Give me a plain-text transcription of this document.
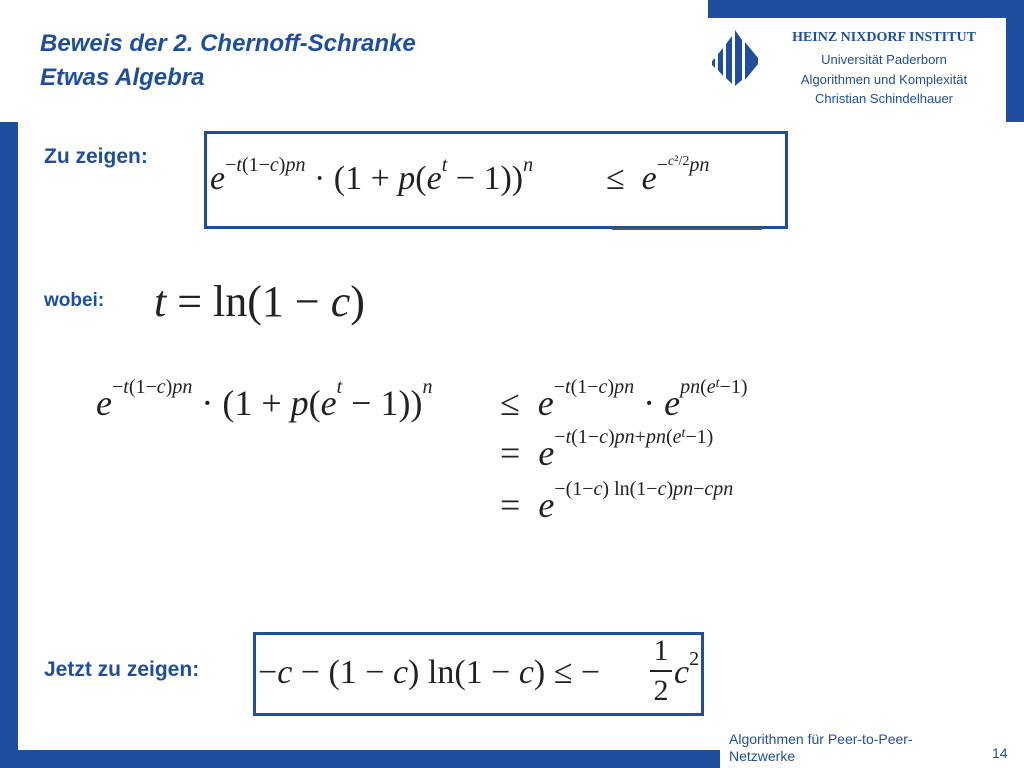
Beweis der 2. Chernoff-Schranke
Etwas Algebra
HEINZ NIXDORF INSTITUT
Universität Paderborn
Algorithmen und Komplexität
Christian Schindelhauer
Zu zeigen:
$e^{-t(1-c)pn} \cdot (1 + p(e^t - 1))^n \le e^{-^{c^2/2}pn}$
wobei: t = ln(1 − c)
$e^{-t(1-c)pn} \cdot (1 + p(e^t - 1))^n \le e^{-t(1-c)pn} \cdot e^{pn(e^t-1)}$
=  $e^{-t(1-c)pn+pn(e^t-1)}$
=  $e^{-(1-c) ln(1-c)pn-cpn}$
Jetzt zu zeigen: −c − (1 − c) ln(1 − c) ≤ −
1
2 $c^2$
Algorithmen für Peer-to-Peer-Netzwerke	14
